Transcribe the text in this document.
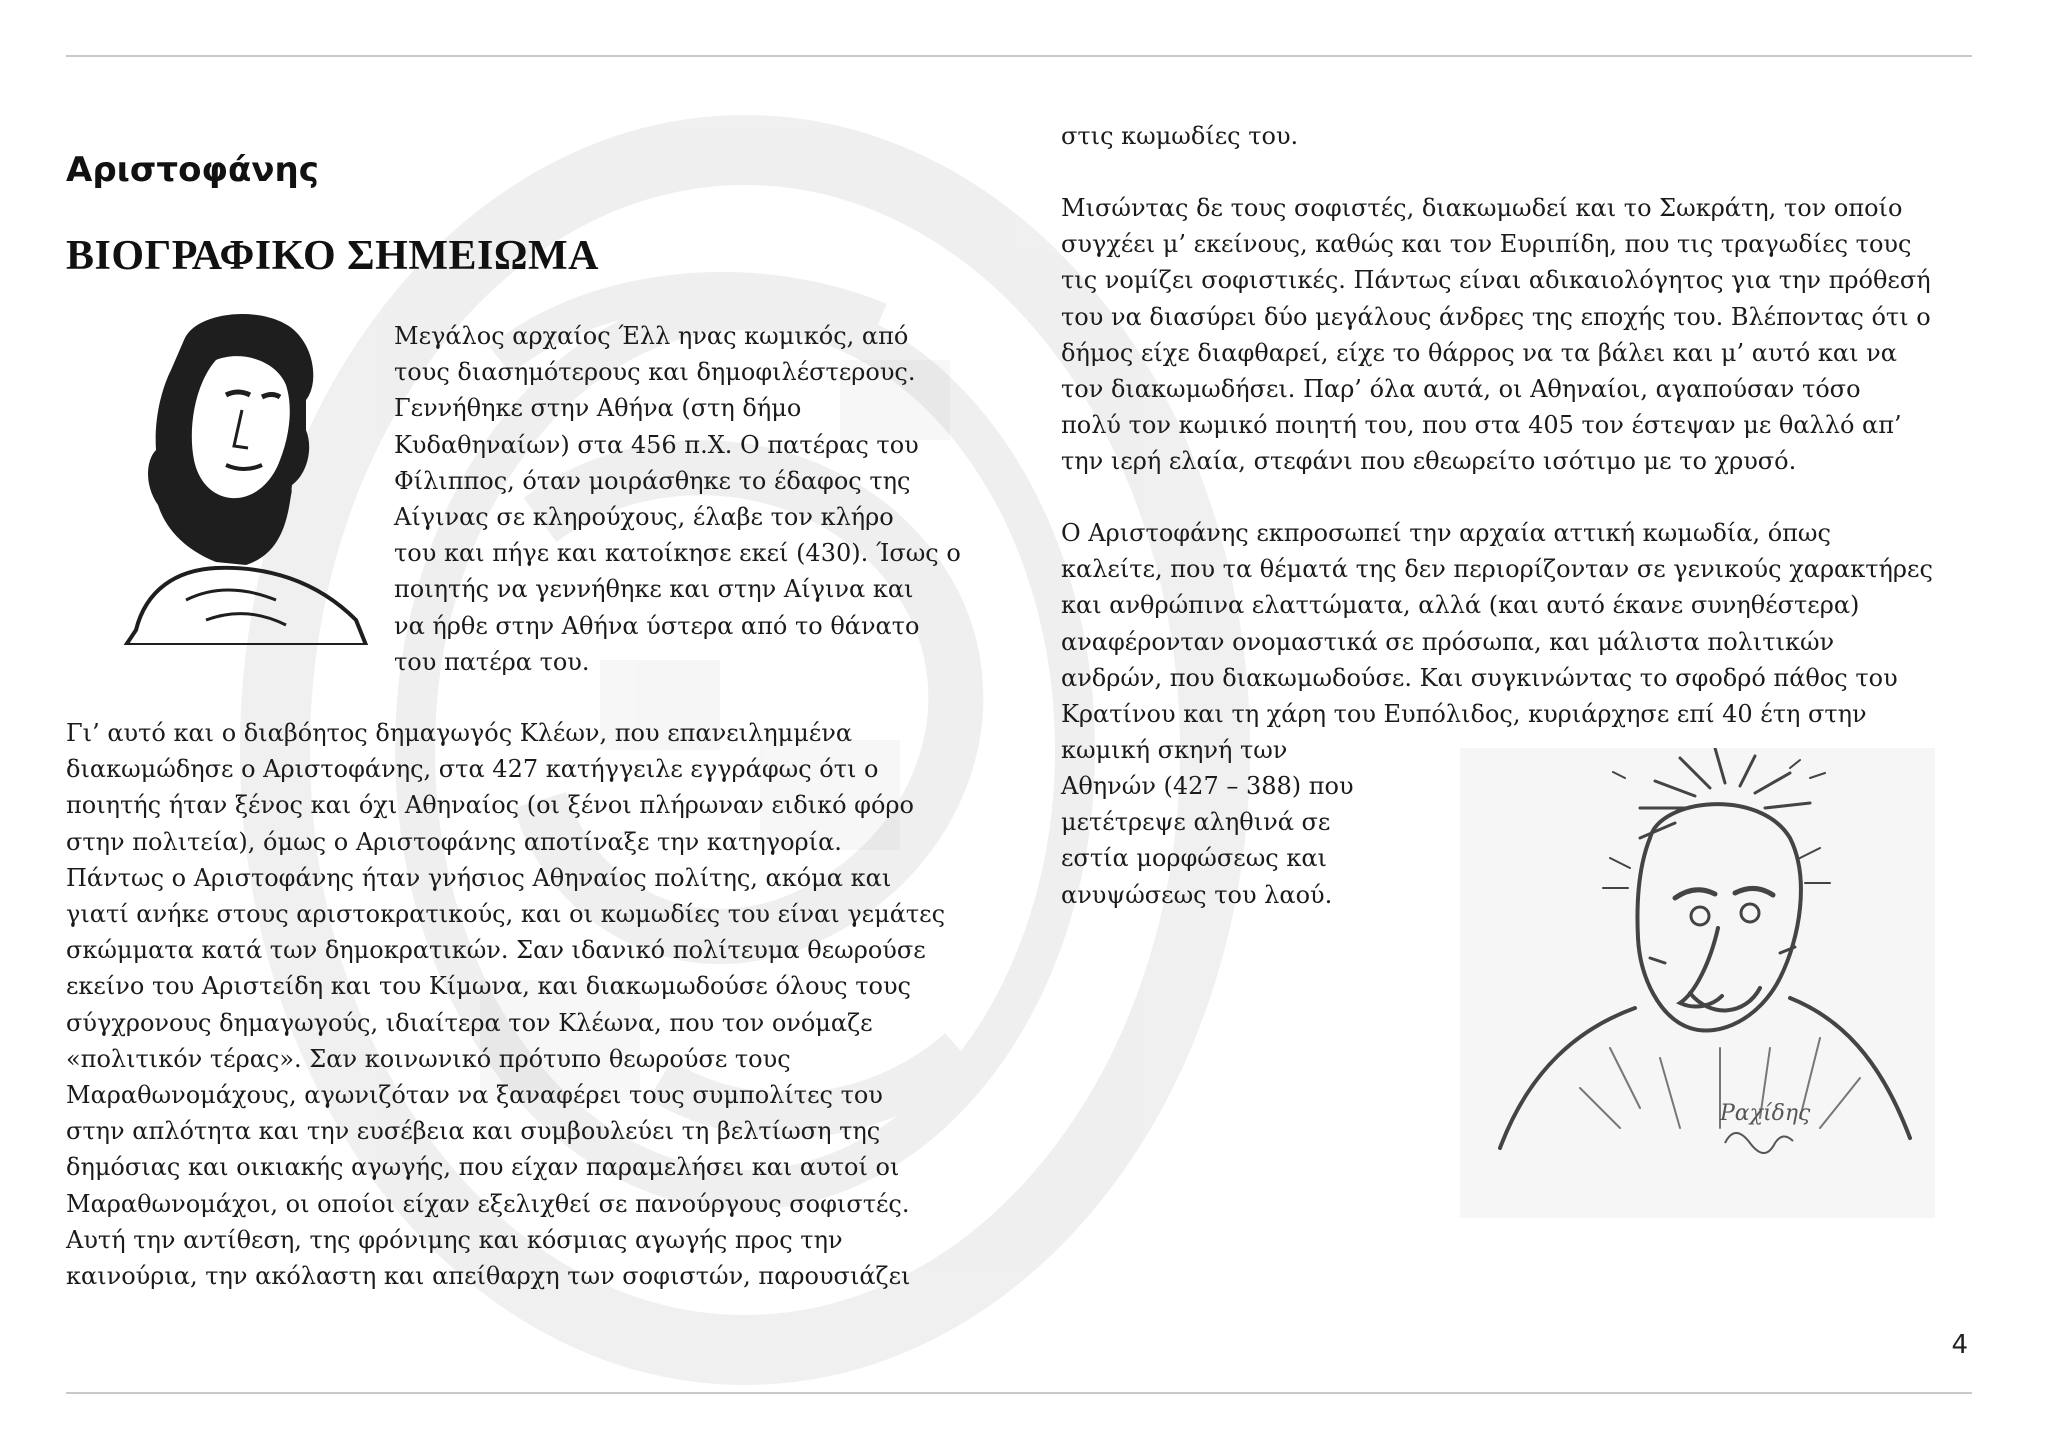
Αριστοφάνης
ΒΙΟΓΡΑΦΙΚΟ ΣΗΜΕΙΩΜΑ
Μεγάλος αρχαίος Έλλ ηνας κωμικός, από
τους διασημότερους και δημοφιλέστερους.
Γεννήθηκε στην Αθήνα (στη δήμο
Κυδαθηναίων) στα 456 π.Χ. Ο πατέρας του
Φίλιππος, όταν μοιράσθηκε το έδαφος της
Αίγινας σε κληρούχους, έλαβε τον κλήρο
του και πήγε και κατοίκησε εκεί (430). Ίσως ο
ποιητής να γεννήθηκε και στην Αίγινα και
να ήρθε στην Αθήνα ύστερα από το θάνατο
του πατέρα του.
Γι’ αυτό και ο διαβόητος δημαγωγός Κλέων, που επανειλημμένα
διακωμώδησε ο Αριστοφάνης, στα 427 κατήγγειλε εγγράφως ότι ο
ποιητής ήταν ξένος και όχι Αθηναίος (οι ξένοι πλήρωναν ειδικό φόρο
στην πολιτεία), όμως ο Αριστοφάνης αποτίναξε την κατηγορία.
Πάντως ο Αριστοφάνης ήταν γνήσιος Αθηναίος πολίτης, ακόμα και
γιατί ανήκε στους αριστοκρατικούς, και οι κωμωδίες του είναι γεμάτες
σκώμματα κατά των δημοκρατικών. Σαν ιδανικό πολίτευμα θεωρούσε
εκείνο του Αριστείδη και του Κίμωνα, και διακωμωδούσε όλους τους
σύγχρονους δημαγωγούς, ιδιαίτερα τον Κλέωνα, που τον ονόμαζε
«πολιτικόν τέρας». Σαν κοινωνικό πρότυπο θεωρούσε τους
Μαραθωνομάχους, αγωνιζόταν να ξαναφέρει τους συμπολίτες του
στην απλότητα και την ευσέβεια και συμβουλεύει τη βελτίωση της
δημόσιας και οικιακής αγωγής, που είχαν παραμελήσει και αυτοί οι
Μαραθωνομάχοι, οι οποίοι είχαν εξελιχθεί σε πανούργους σοφιστές.
Αυτή την αντίθεση, της φρόνιμης και κόσμιας αγωγής προς την
καινούρια, την ακόλαστη και απείθαρχη των σοφιστών, παρουσιάζει
στις κωμωδίες του.
Μισώντας δε τους σοφιστές, διακωμωδεί και το Σωκράτη, τον οποίο
συγχέει μ’ εκείνους, καθώς και τον Ευριπίδη, που τις τραγωδίες τους
τις νομίζει σοφιστικές. Πάντως είναι αδικαιολόγητος για την πρόθεσή
του να διασύρει δύο μεγάλους άνδρες της εποχής του. Βλέποντας ότι ο
δήμος είχε διαφθαρεί, είχε το θάρρος να τα βάλει και μ’ αυτό και να
τον διακωμωδήσει. Παρ’ όλα αυτά, οι Αθηναίοι, αγαπούσαν τόσο
πολύ τον κωμικό ποιητή του, που στα 405 τον έστεψαν με θαλλό απ’
την ιερή ελαία, στεφάνι που εθεωρείτο ισότιμο με το χρυσό.
Ο Αριστοφάνης εκπροσωπεί την αρχαία αττική κωμωδία, όπως
καλείτε, που τα θέματά της δεν περιορίζονταν σε γενικούς χαρακτήρες
και ανθρώπινα ελαττώματα, αλλά (και αυτό έκανε συνηθέστερα)
αναφέρονταν ονομαστικά σε πρόσωπα, και μάλιστα πολιτικών
ανδρών, που διακωμωδούσε. Και συγκινώντας το σφοδρό πάθος του
Κρατίνου και τη χάρη του Ευπόλιδος, κυριάρχησε επί 40 έτη στην
κωμική σκηνή των
Αθηνών (427 – 388) που
μετέτρεψε αληθινά σε
εστία μορφώσεως και
ανυψώσεως του λαού.
Ραχίδης
4
